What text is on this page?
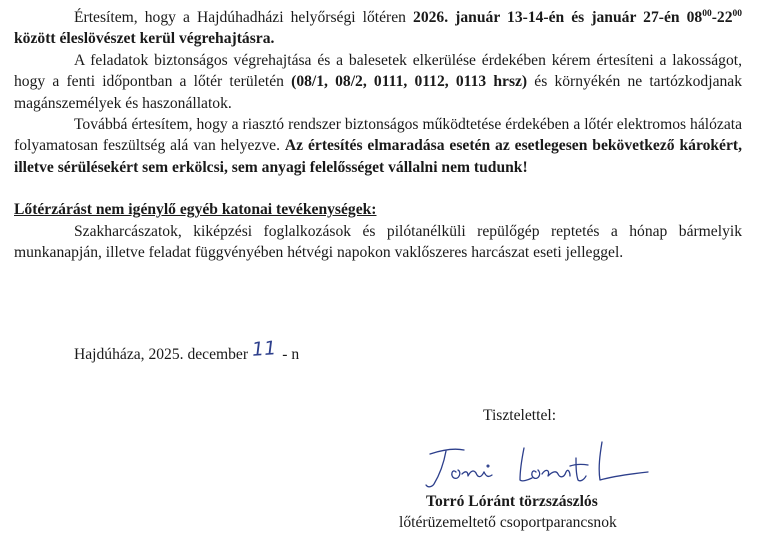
Értesítem, hogy a Hajdúhadházi helyőrségi lőtéren 2026. január 13-14-én és január 27-én $08^{00}-22^{00}$ között éleslövészet kerül végrehajtásra.

A feladatok biztonságos végrehajtása és a balesetek elkerülése érdekében kérem értesíteni a lakosságot, hogy a fenti időpontban a lőtér területén (08/1, 08/2, 0111, 0112, 0113 hrsz) és környékén ne tartózkodjanak magánszemélyek és haszonállatok.

Továbbá értesítem, hogy a riasztó rendszer biztonságos működtetése érdekében a lőtér elektromos hálózata folyamatosan feszültség alá van helyezve. Az értesítés elmaradása esetén az esetlegesen bekövetkező károkért, illetve sérülésekért sem erkölcsi, sem anyagi felelősséget vállalni nem tudunk!

Lőtérzárást nem igénylő egyéb katonai tevékenységek:

Szakharcászatok, kiképzési foglalkozások és pilótanélküli repülőgép reptetés a hónap bármelyik munkanapján, illetve feladat függvényében hétvégi napokon vaklőszeres harcászat eseti jelleggel.

Hajdúháza, 2025. december 11 - n
Tisztelettel:
Torró Lóránt törzszászlós
lőtérüzemeltető csoportparancsnok
